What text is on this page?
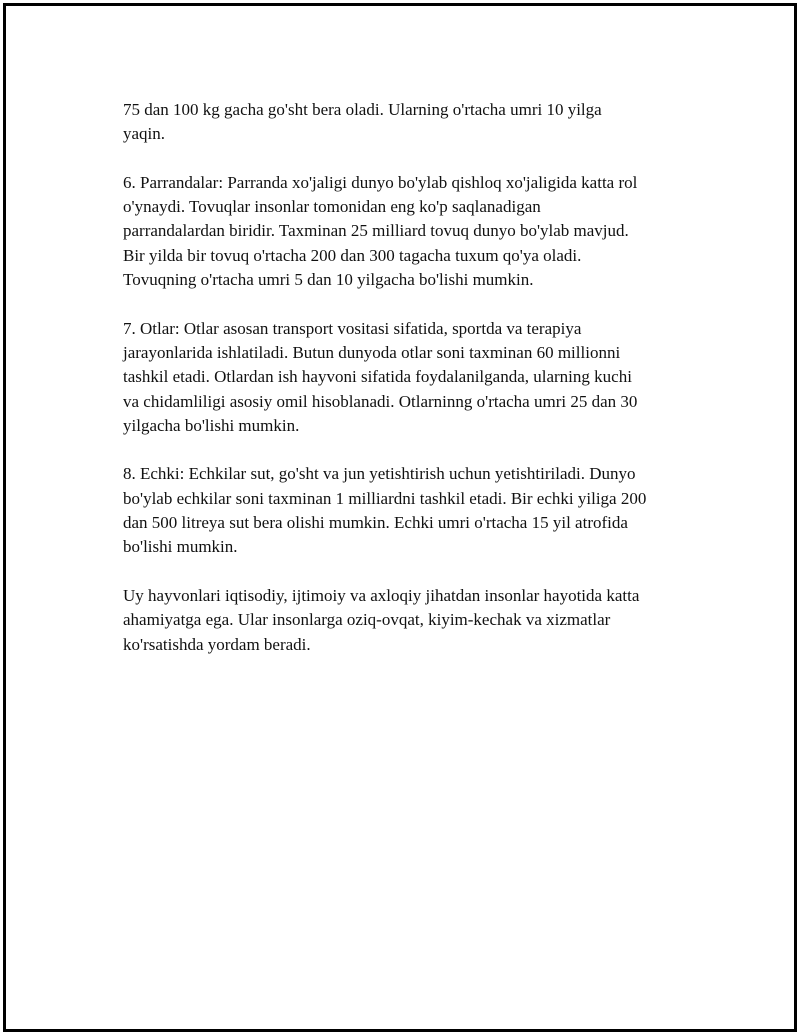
75 dan 100 kg gacha go'sht bera oladi. Ularning o'rtacha umri 10 yilga
yaqin.

6. Parrandalar: Parranda xo'jaligi dunyo bo'ylab qishloq xo'jaligida katta rol
o'ynaydi. Tovuqlar insonlar tomonidan eng ko'p saqlanadigan
parrandalardan biridir. Taxminan 25 milliard tovuq dunyo bo'ylab mavjud.
Bir yilda bir tovuq o'rtacha 200 dan 300 tagacha tuxum qo'ya oladi.
Tovuqning o'rtacha umri 5 dan 10 yilgacha bo'lishi mumkin.

7. Otlar: Otlar asosan transport vositasi sifatida, sportda va terapiya
jarayonlarida ishlatiladi. Butun dunyoda otlar soni taxminan 60 millionni
tashkil etadi. Otlardan ish hayvoni sifatida foydalanilganda, ularning kuchi
va chidamliligi asosiy omil hisoblanadi. Otlarninng o'rtacha umri 25 dan 30
yilgacha bo'lishi mumkin.

8. Echki: Echkilar sut, go'sht va jun yetishtirish uchun yetishtiriladi. Dunyo
bo'ylab echkilar soni taxminan 1 milliardni tashkil etadi. Bir echki yiliga 200
dan 500 litreya sut bera olishi mumkin. Echki umri o'rtacha 15 yil atrofida
bo'lishi mumkin.

Uy hayvonlari iqtisodiy, ijtimoiy va axloqiy jihatdan insonlar hayotida katta
ahamiyatga ega. Ular insonlarga oziq-ovqat, kiyim-kechak va xizmatlar
ko'rsatishda yordam beradi.
